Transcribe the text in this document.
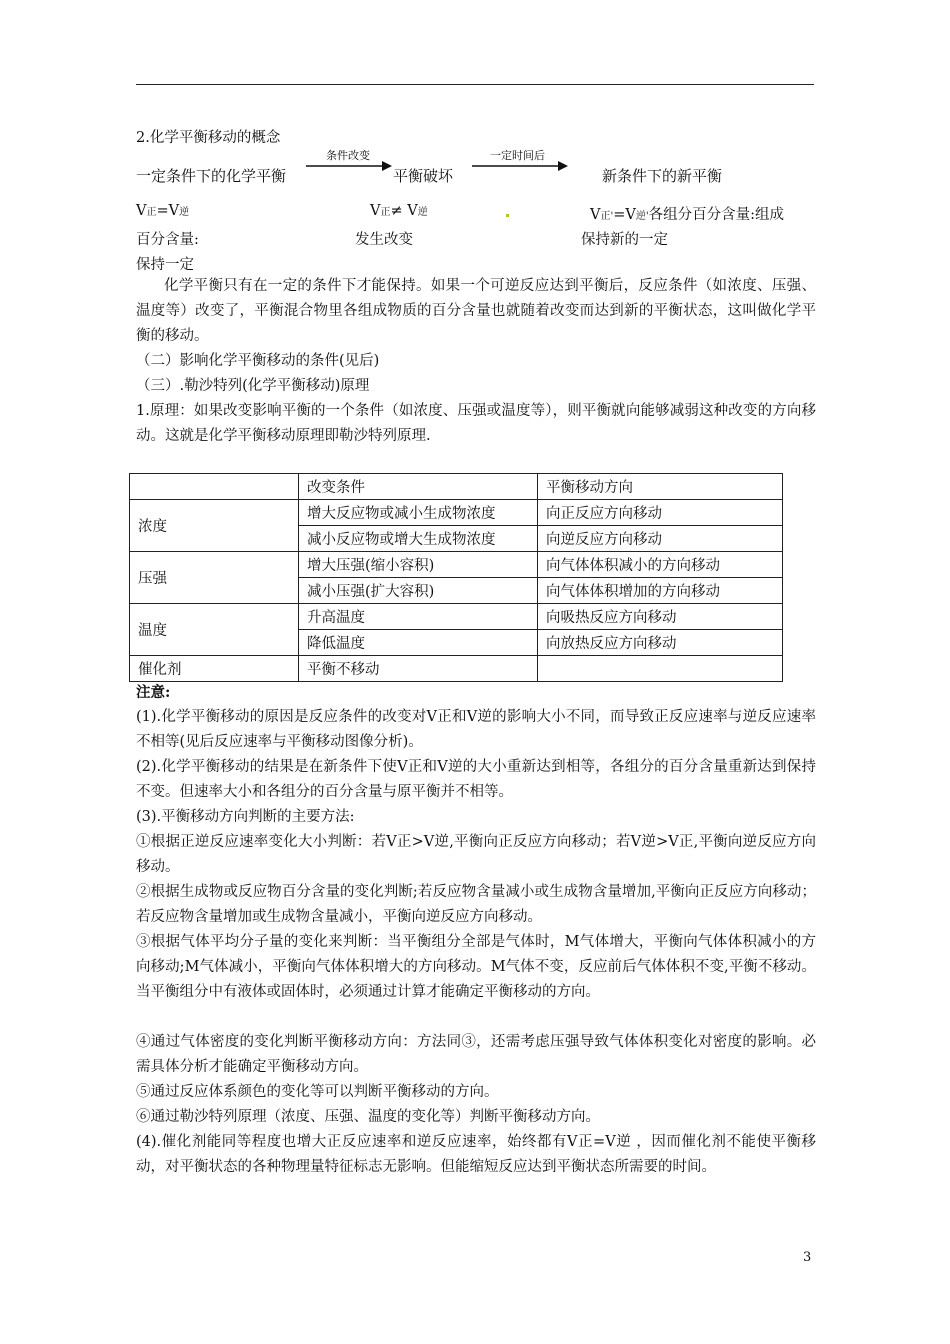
2.化学平衡移动的概念
一定条件下的化学平衡
条件改变
平衡破坏
一定时间后
新条件下的新平衡
V正=V逆	V正≠ V逆	V正'=V逆'各组分百分含量:组成
百分含量:	发生改变	保持新的一定
保持一定
化学平衡只有在一定的条件下才能保持。如果一个可逆反应达到平衡后，反应条件（如浓度、压强、温度等）改变了，平衡混合物里各组成物质的百分含量也就随着改变而达到新的平衡状态，这叫做化学平衡的移动。
（二）影响化学平衡移动的条件(见后)
（三）.勒沙特列(化学平衡移动)原理
1.原理：如果改变影响平衡的一个条件（如浓度、压强或温度等），则平衡就向能够减弱这种改变的方向移动。这就是化学平衡移动原理即勒沙特列原理.
	改变条件	平衡移动方向
浓度	增大反应物或减小生成物浓度	向正反应方向移动
	减小反应物或增大生成物浓度	向逆反应方向移动
压强	增大压强(缩小容积)	向气体体积减小的方向移动
	减小压强(扩大容积)	向气体体积增加的方向移动
温度	升高温度	向吸热反应方向移动
	降低温度	向放热反应方向移动
催化剂	平衡不移动	
注意:
(1).化学平衡移动的原因是反应条件的改变对V正和V逆的影响大小不同，而导致正反应速率与逆反应速率不相等(见后反应速率与平衡移动图像分析)。
(2).化学平衡移动的结果是在新条件下使V正和V逆的大小重新达到相等，各组分的百分含量重新达到保持不变。但速率大小和各组分的百分含量与原平衡并不相等。
(3).平衡移动方向判断的主要方法:
①根据正逆反应速率变化大小判断：若V正>V逆,平衡向正反应方向移动；若V逆>V正,平衡向逆反应方向移动。
②根据生成物或反应物百分含量的变化判断;若反应物含量减小或生成物含量增加,平衡向正反应方向移动；若反应物含量增加或生成物含量减小，平衡向逆反应方向移动。
③根据气体平均分子量的变化来判断：当平衡组分全部是气体时，M气体增大，平衡向气体体积减小的方向移动;M气体减小，平衡向气体体积增大的方向移动。M气体不变，反应前后气体体积不变,平衡不移动。 当平衡组分中有液体或固体时，必须通过计算才能确定平衡移动的方向。
④通过气体密度的变化判断平衡移动方向：方法同③，还需考虑压强导致气体体积变化对密度的影响。必需具体分析才能确定平衡移动方向。
⑤通过反应体系颜色的变化等可以判断平衡移动的方向。
⑥通过勒沙特列原理（浓度、压强、温度的变化等）判断平衡移动方向。
(4).催化剂能同等程度也增大正反应速率和逆反应速率，始终都有V正=V逆 ，因而催化剂不能使平衡移动，对平衡状态的各种物理量特征标志无影响。但能缩短反应达到平衡状态所需要的时间。
3
